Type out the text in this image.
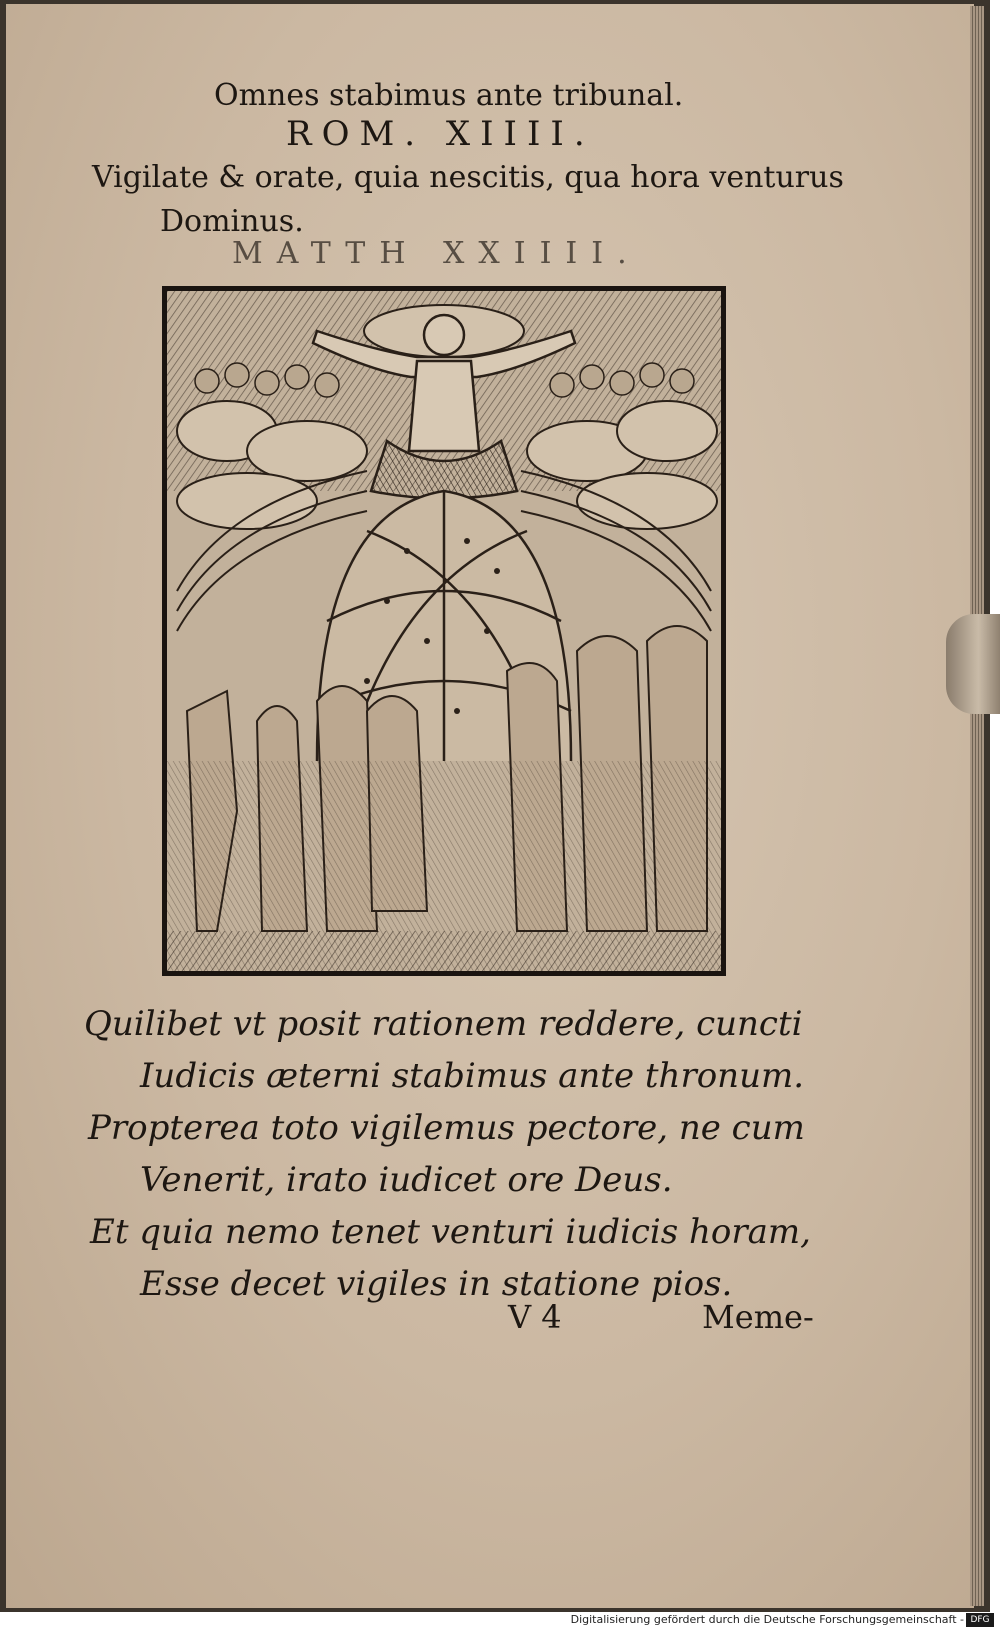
Omnes stabimus ante tribunal.
ROM. XIIII.
Vigilate & orate, quia nescitis, qua hora venturus
Dominus.
MATTH XXIIII.
Quilibet vt posit rationem reddere, cuncti
Iudicis æterni stabimus ante thronum.
Propterea toto vigilemus pectore, ne cum
Venerit, irato iudicet ore Deus.
Et quia nemo tenet venturi iudicis horam,
Esse decet vigiles in statione pios.
V 4	Meme-
Digitalisierung gefördert durch die Deutsche Forschungsgemeinschaft - DFG
